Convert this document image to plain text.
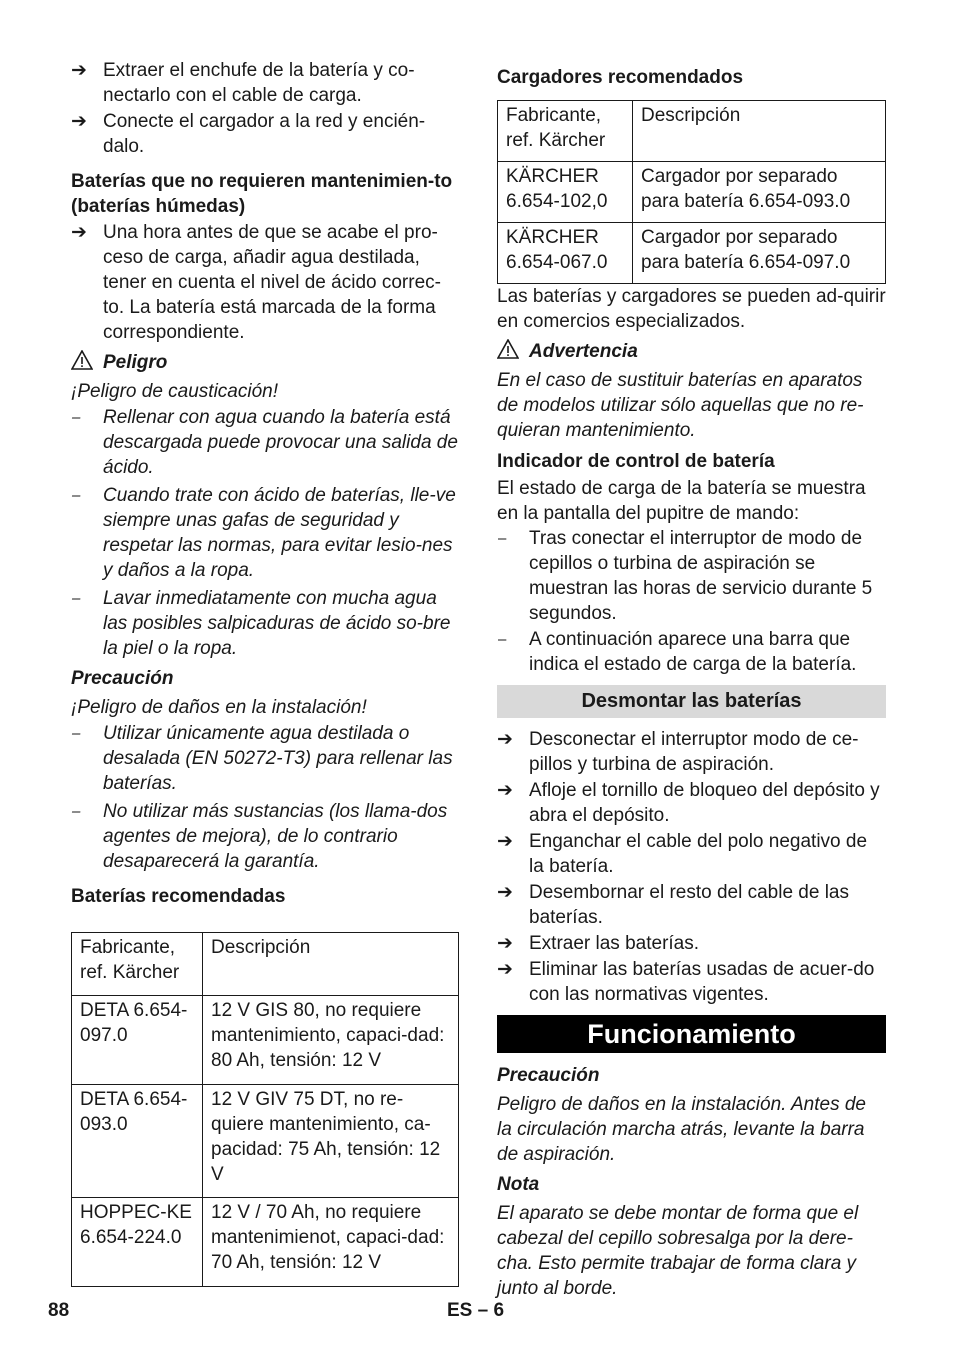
➔ Extraer el enchufe de la batería y co-nectarlo con el cable de carga.

➔ Conecte el cargador a la red y encién-dalo.

Baterías que no requieren mantenimien-to (baterías húmedas)

➔ Una hora antes de que se acabe el pro-ceso de carga, añadir agua destilada, tener en cuenta el nivel de ácido correc-to. La batería está marcada de la forma correspondiente.

Peligro

¡Peligro de causticación!

– Rellenar con agua cuando la batería está descargada puede provocar una salida de ácido.

– Cuando trate con ácido de baterías, lle-ve siempre unas gafas de seguridad y respetar las normas, para evitar lesio-nes y daños a la ropa.

– Lavar inmediatamente con mucha agua las posibles salpicaduras de ácido so-bre la piel o la ropa.

Precaución

¡Peligro de daños en la instalación!

– Utilizar únicamente agua destilada o desalada (EN 50272-T3) para rellenar las baterías.

– No utilizar más sustancias (los llama-dos agentes de mejora), de lo contrario desaparecerá la garantía.

Baterías recomendadas

Fabricante, ref. Kärcher	Descripción
DETA 6.654-097.0	12 V GIS 80, no requiere mantenimiento, capaci-dad: 80 Ah, tensión: 12 V
DETA 6.654-093.0	12 V GIV 75 DT, no re-quiere mantenimiento, ca-pacidad: 75 Ah, tensión: 12 V
HOPPEC-KE 6.654-224.0	12 V / 70 Ah, no requiere mantenimienot, capaci-dad: 70 Ah, tensión: 12 V

Cargadores recomendados

Fabricante, ref. Kärcher	Descripción
KÄRCHER 6.654-102,0	Cargador por separado para batería 6.654-093.0
KÄRCHER 6.654-067.0	Cargador por separado para batería 6.654-097.0

Las baterías y cargadores se pueden ad-quirir en comercios especializados.

Advertencia

En el caso de sustituir baterías en aparatos de modelos utilizar sólo aquellas que no re-quieran mantenimiento.

Indicador de control de batería

El estado de carga de la batería se muestra en la pantalla del pupitre de mando:

– Tras conectar el interruptor de modo de cepillos o turbina de aspiración se muestran las horas de servicio durante 5 segundos.

– A continuación aparece una barra que indica el estado de carga de la batería.

Desmontar las baterías
➔ Desconectar el interruptor modo de ce-pillos y turbina de aspiración.

➔ Afloje el tornillo de bloqueo del depósito y abra el depósito.

➔ Enganchar el cable del polo negativo de la batería.

➔ Desembornar el resto del cable de las baterías.

➔ Extraer las baterías.

➔ Eliminar las baterías usadas de acuer-do con las normativas vigentes.

Funcionamiento

Precaución

Peligro de daños en la instalación. Antes de la circulación marcha atrás, levante la barra de aspiración.

Nota

El aparato se debe montar de forma que el cabezal del cepillo sobresalga por la dere-cha. Esto permite trabajar de forma clara y junto al borde.

88	ES – 6
